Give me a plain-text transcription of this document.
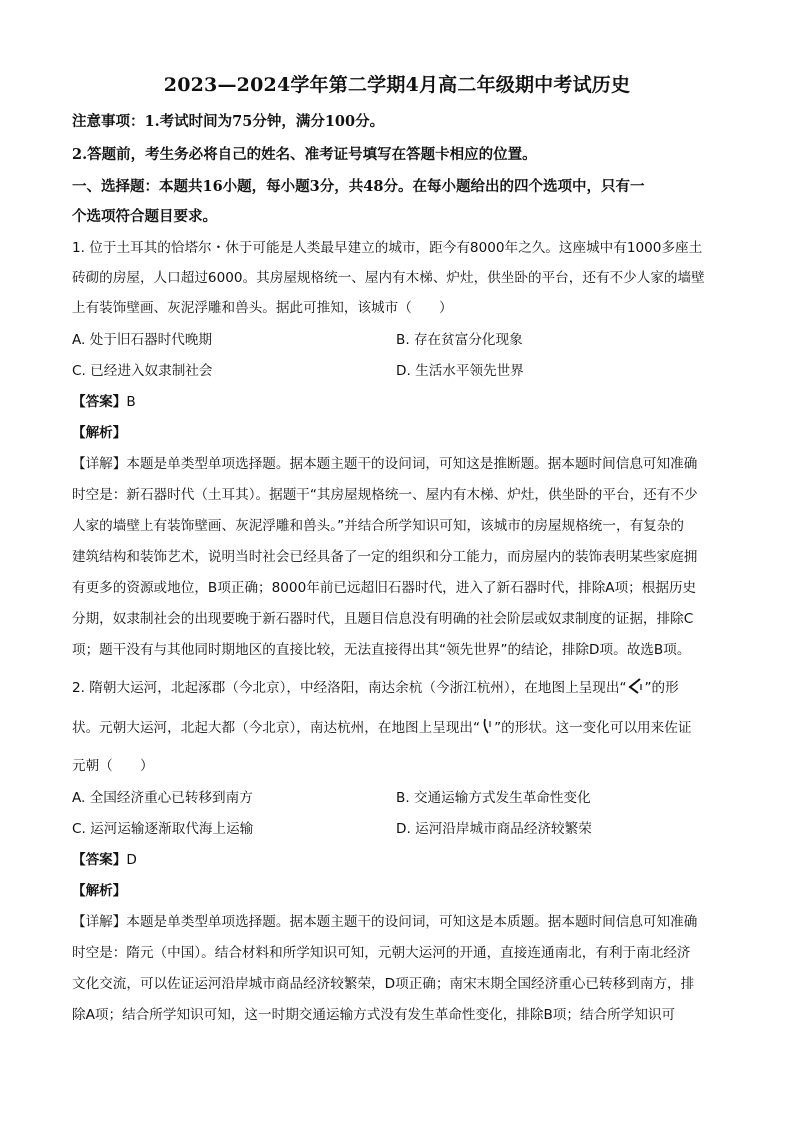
2023—2024学年第二学期4月高二年级期中考试历史
注意事项：1.考试时间为75分钟，满分100分。
2.答题前，考生务必将自己的姓名、准考证号填写在答题卡相应的位置。
一、选择题：本题共16小题，每小题3分，共48分。在每小题给出的四个选项中，只有一
个选项符合题目要求。
1. 位于土耳其的恰塔尔・休于可能是人类最早建立的城市，距今有8000年之久。这座城中有1000多座土
砖砌的房屋，人口超过6000。其房屋规格统一、屋内有木梯、炉灶，供坐卧的平台，还有不少人家的墙壁
上有装饰壁画、灰泥浮雕和兽头。据此可推知，该城市（　　）
A. 处于旧石器时代晚期	B. 存在贫富分化现象
C. 已经进入奴隶制社会	D. 生活水平领先世界
【答案】B
【解析】
【详解】本题是单类型单项选择题。据本题主题干的设问词，可知这是推断题。据本题时间信息可知准确
时空是：新石器时代（土耳其）。据题干“其房屋规格统一、屋内有木梯、炉灶，供坐卧的平台，还有不少
人家的墙壁上有装饰壁画、灰泥浮雕和兽头。”并结合所学知识可知，该城市的房屋规格统一，有复杂的
建筑结构和装饰艺术，说明当时社会已经具备了一定的组织和分工能力，而房屋内的装饰表明某些家庭拥
有更多的资源或地位，B项正确；8000年前已远超旧石器时代，进入了新石器时代，排除A项；根据历史
分期，奴隶制社会的出现要晚于新石器时代，且题目信息没有明确的社会阶层或奴隶制度的证据，排除C
项；题干没有与其他同时期地区的直接比较，无法直接得出其“领先世界”的结论，排除D项。故选B项。
2. 隋朝大运河，北起涿郡（今北京），中经洛阳，南达余杭（今浙江杭州），在地图上呈现出“ ”的形
状。元朝大运河，北起大都（今北京），南达杭州，在地图上呈现出“ ”的形状。这一变化可以用来佐证
元朝（　　）
A. 全国经济重心已转移到南方	B. 交通运输方式发生革命性变化
C. 运河运输逐渐取代海上运输	D. 运河沿岸城市商品经济较繁荣
【答案】D
【解析】
【详解】本题是单类型单项选择题。据本题主题干的设问词，可知这是本质题。据本题时间信息可知准确
时空是：隋元（中国）。结合材料和所学知识可知，元朝大运河的开通，直接连通南北，有利于南北经济
文化交流，可以佐证运河沿岸城市商品经济较繁荣，D项正确；南宋末期全国经济重心已转移到南方，排
除A项；结合所学知识可知，这一时期交通运输方式没有发生革命性变化，排除B项；结合所学知识可
